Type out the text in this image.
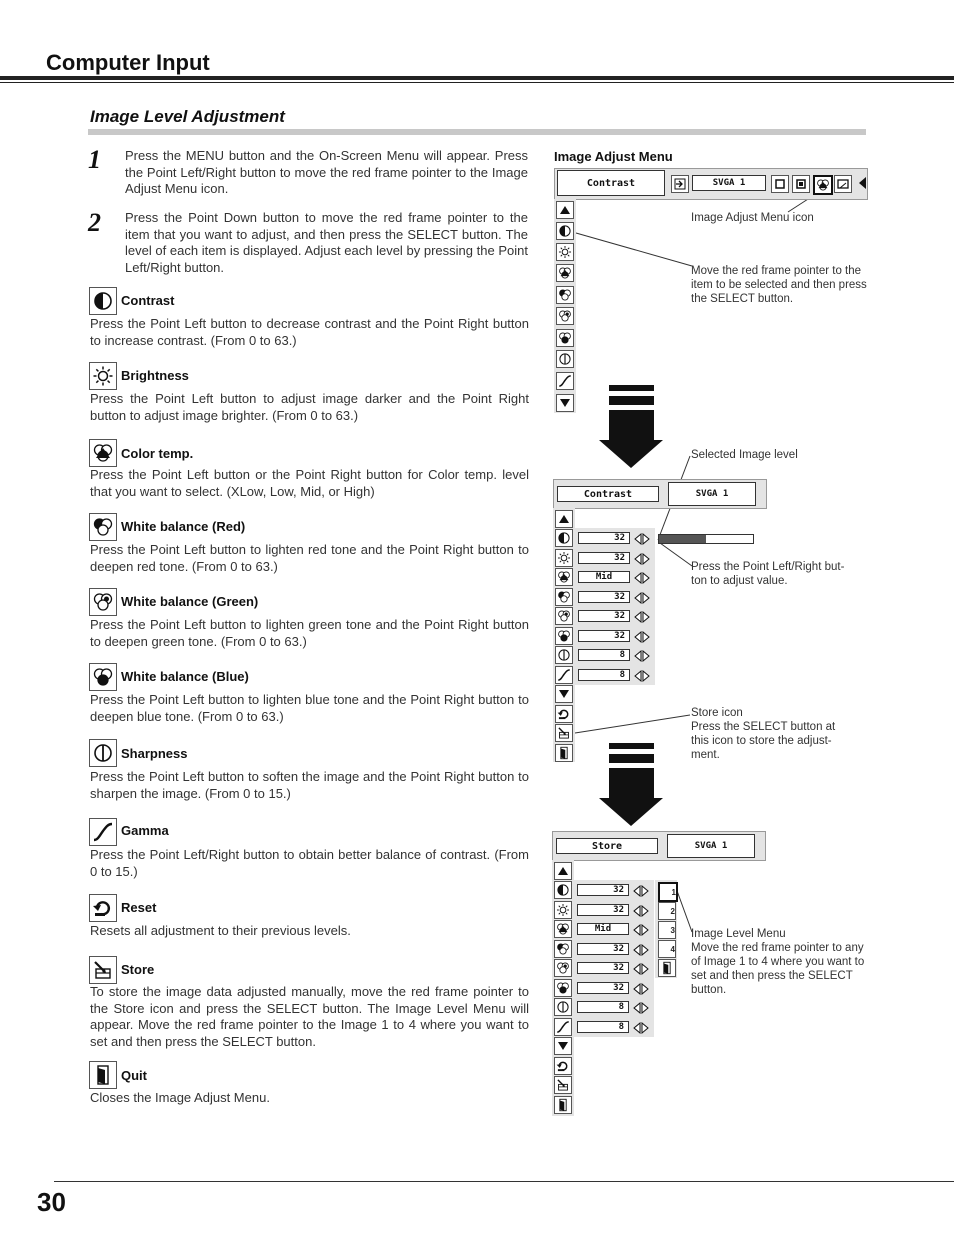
Computer Input
Image Level Adjustment
1 Press the MENU button and the On-Screen Menu will appear. Press the Point Left/Right button to move the red frame pointer to the Image Adjust Menu icon.
2 Press the Point Down button to move the red frame pointer to the item that you want to adjust, and then press the SELECT button. The level of each item is displayed. Adjust each level by pressing the Point Left/Right button.
Contrast
Press the Point Left button to decrease contrast and the Point Right button to increase contrast. (From 0 to 63.)
Brightness
Press the Point Left button to adjust image darker and the Point Right button to adjust image brighter. (From 0 to 63.)
Color temp.
Press the Point Left button or the Point Right button for Color temp. level that you want to select. (XLow, Low, Mid, or High)
White balance (Red)
Press the Point Left button to lighten red tone and the Point Right button to deepen red tone. (From 0 to 63.)
White balance (Green)
Press the Point Left button to lighten green tone and the Point Right button to deepen green tone. (From 0 to 63.)
White balance (Blue)
Press the Point Left button to lighten blue tone and the Point Right button to deepen blue tone. (From 0 to 63.)
Sharpness
Press the Point Left button to soften the image and the Point Right button to sharpen the image. (From 0 to 15.)
Gamma
Press the Point Left/Right button to obtain better balance of contrast. (From 0 to 15.)
Reset
Resets all adjustment to their previous levels.
Store
To store the image data adjusted manually, move the red frame pointer to the Store icon and press the SELECT button. The Image Level Menu will appear. Move the red frame pointer to the Image 1 to 4 where you want to set and then press the SELECT button.
Quit
Closes the Image Adjust Menu.
Image Adjust Menu
Contrast	SVGA 1
Image Adjust Menu icon
Move the red frame pointer to the item to be selected and then press the SELECT button.
Selected Image level
Contrast	SVGA 1
32
32
Mid
32
32
32
8
8
Press the Point Left/Right but- ton to adjust value.
Store icon
Press the SELECT button at this icon to store the adjust- ment.
Store	SVGA 1
32
32
Mid
32
32
32
8
8
1
2
3
4
Image Level Menu
Move the red frame pointer to any of Image 1 to 4 where you want to set and then press the SELECT button.
30
